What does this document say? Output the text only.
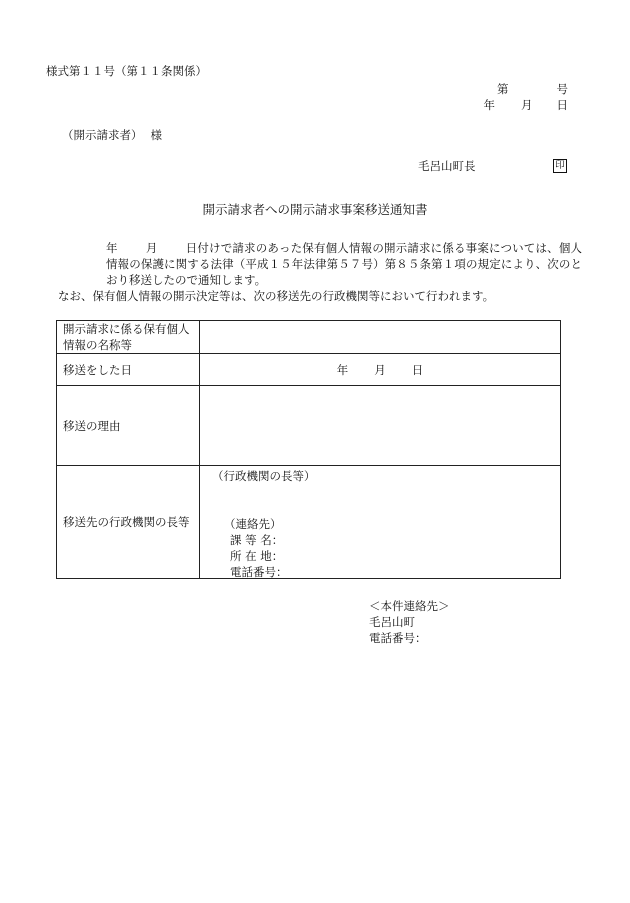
様式第１１号（第１１条関係）
第	号
年 月 日
（開示請求者） 様
毛呂山町長	印
開示請求者への開示請求事案移送通知書

年 月 日付けで請求のあった保有個人情報の開示請求に係る事案については、個人情報の保護に関する法律（平成１５年法律第５７号）第８５条第１項の規定により、次のとおり移送したので通知します。

なお、保有個人情報の開示決定等は、次の移送先の行政機関等において行われます。

開示請求に係る保有個人情報の名称等	
移送をした日	年 月 日
移送の理由	
移送先の行政機関の長等	（行政機関の長等）
（連絡先）
課 等 名：
所 在 地：
電話番号：
＜本件連絡先＞
毛呂山町
電話番号：
